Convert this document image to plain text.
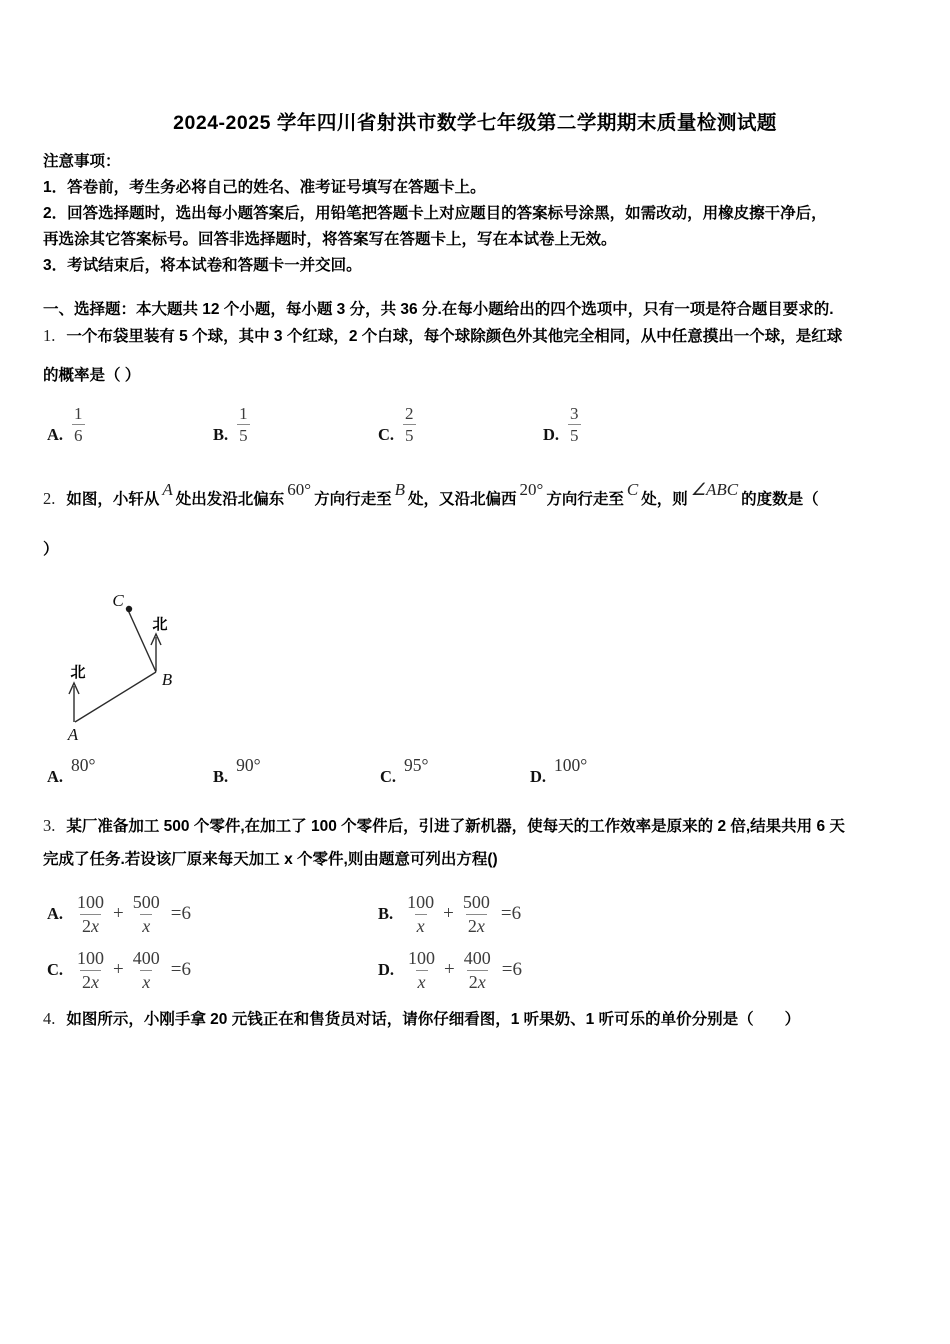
2024-2025 学年四川省射洪市数学七年级第二学期期末质量检测试题
注意事项：
1．答卷前，考生务必将自己的姓名、准考证号填写在答题卡上。
2．回答选择题时，选出每小题答案后，用铅笔把答题卡上对应题目的答案标号涂黑，如需改动，用橡皮擦干净后，
再选涂其它答案标号。回答非选择题时，将答案写在答题卡上，写在本试卷上无效。
3．考试结束后，将本试卷和答题卡一并交回。
一、选择题：本大题共 12 个小题，每小题 3 分，共 36 分.在每小题给出的四个选项中，只有一项是符合题目要求的.
1. 一个布袋里装有 5 个球，其中 3 个红球，2 个白球，每个球除颜色外其他完全相同，从中任意摸出一个球，是红球
的概率是（ ）
A. $\frac{1}{6}$	B. $\frac{1}{5}$	C. $\frac{2}{5}$	D. $\frac{3}{5}$
2. 如图，小轩从A处出发沿北偏东60°方向行走至B处，又沿北偏西20°方向行走至C处，则∠ABC的度数是（
）
北
北
A
B
C
A.
80°
B.
90°
C.
95°
D.
100°
3. 某厂准备加工 500 个零件,在加工了 100 个零件后，引进了新机器，使每天的工作效率是原来的 2 倍,结果共用 6 天
完成了任务.若设该厂原来每天加工 x 个零件,则由题意可列出方程()
A. $\frac{100}{2x} + \frac{500}{x} =6$	B. $\frac{100}{x} + \frac{500}{2x} =6$
C. $\frac{100}{2x} + \frac{400}{x} =6$	D. $\frac{100}{x} + \frac{400}{2x} =6$
4. 如图所示，小刚手拿 20 元钱正在和售货员对话，请你仔细看图，1 听果奶、1 听可乐的单价分别是（　　）
